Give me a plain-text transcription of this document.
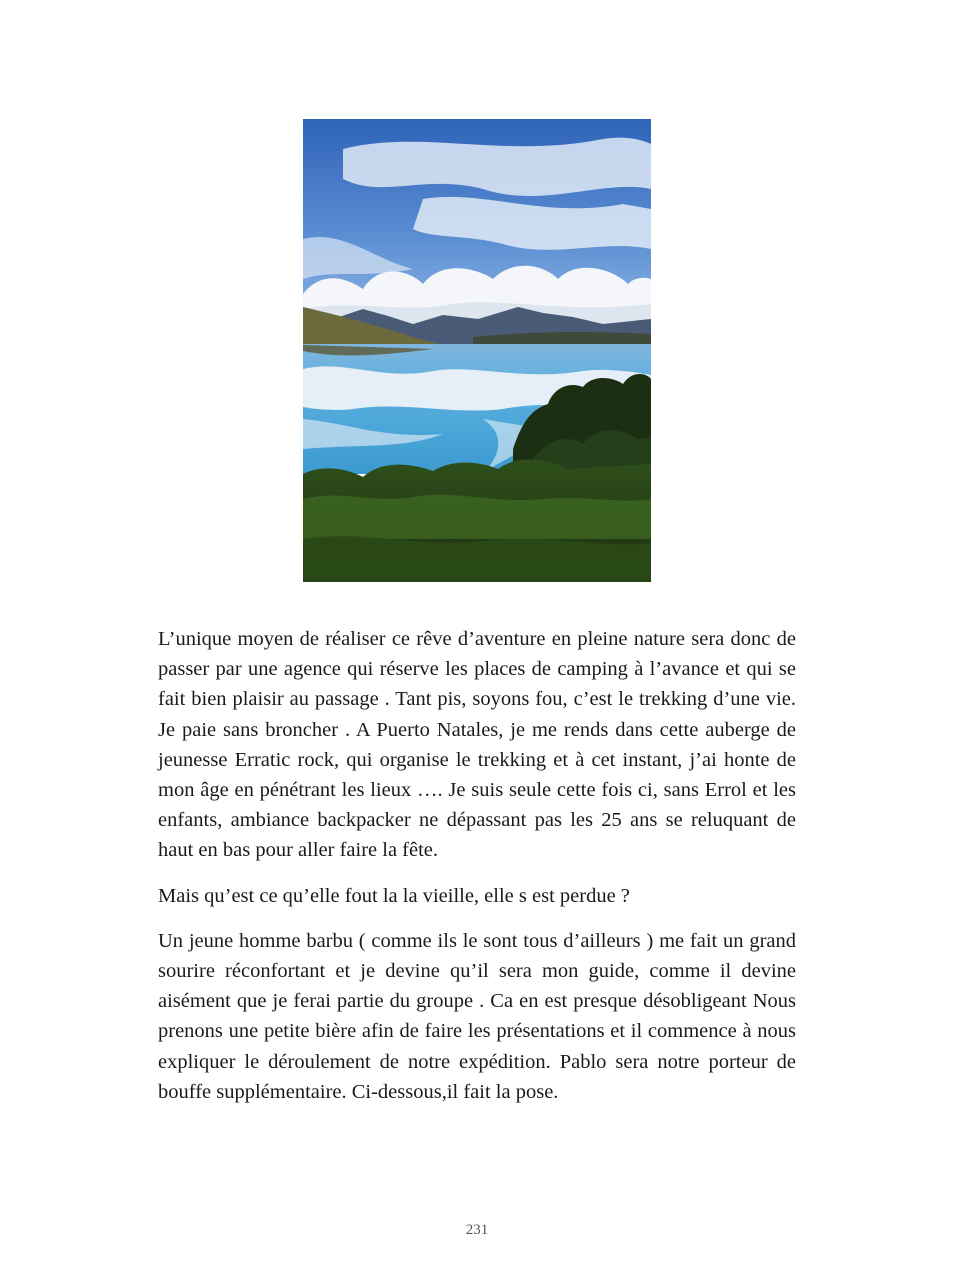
L’unique moyen de réaliser ce rêve d’aventure en pleine nature sera donc de passer par une agence qui réserve les places de camping à l’avance et qui se fait bien plaisir au passage . Tant pis, soyons fou, c’est le trekking d’une vie. Je paie sans broncher . A Puerto Natales, je me rends dans cette auberge de jeunesse Erratic rock, qui organise le trekking et à cet instant, j’ai honte de mon âge en pénétrant les lieux …. Je suis seule cette fois ci, sans Errol et les enfants, ambiance backpacker ne dépassant pas les 25 ans se reluquant de haut en bas pour aller faire la fête.

Mais qu’est ce qu’elle fout la la vieille, elle s est perdue ?

Un jeune homme barbu ( comme ils le sont tous d’ailleurs ) me fait un grand sourire réconfortant et je devine qu’il sera mon guide, comme il devine aisément que je ferai partie du groupe . Ca en est presque désobligeant Nous prenons une petite bière afin de faire les présentations et il commence à nous expliquer le déroulement de notre expédition. Pablo sera notre porteur de bouffe supplémentaire. Ci-dessous,il fait la pose.

231
